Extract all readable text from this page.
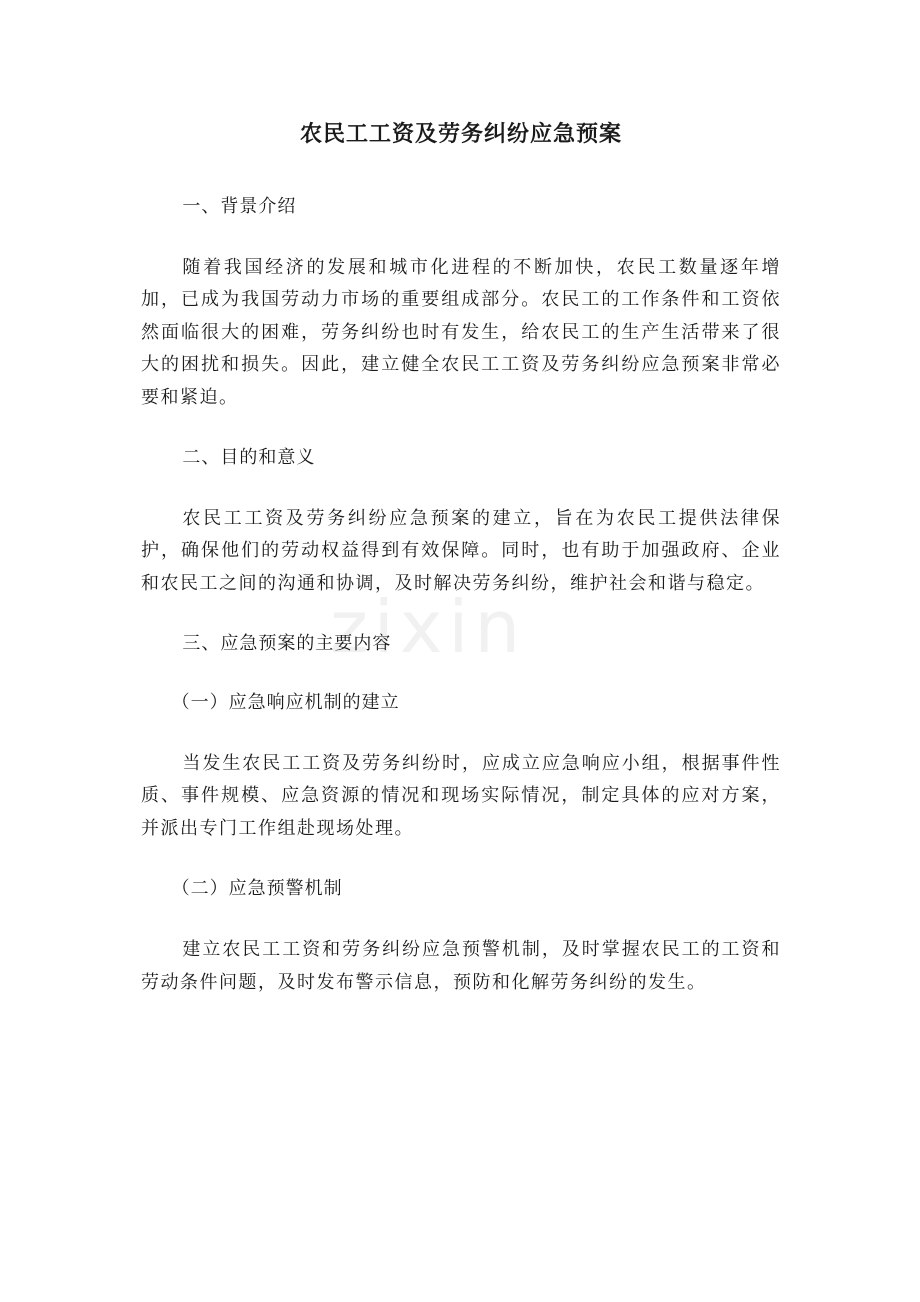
zixin
农民工工资及劳务纠纷应急预案
一、背景介绍

随着我国经济的发展和城市化进程的不断加快，农民工数量逐年增加，已成为我国劳动力市场的重要组成部分。农民工的工作条件和工资依然面临很大的困难，劳务纠纷也时有发生，给农民工的生产生活带来了很大的困扰和损失。因此，建立健全农民工工资及劳务纠纷应急预案非常必要和紧迫。

二、目的和意义

农民工工资及劳务纠纷应急预案的建立，旨在为农民工提供法律保护，确保他们的劳动权益得到有效保障。同时，也有助于加强政府、企业和农民工之间的沟通和协调，及时解决劳务纠纷，维护社会和谐与稳定。

三、应急预案的主要内容
（一）应急响应机制的建立

当发生农民工工资及劳务纠纷时，应成立应急响应小组，根据事件性质、事件规模、应急资源的情况和现场实际情况，制定具体的应对方案，并派出专门工作组赴现场处理。

（二）应急预警机制

建立农民工工资和劳务纠纷应急预警机制，及时掌握农民工的工资和劳动条件问题，及时发布警示信息，预防和化解劳务纠纷的发生。
